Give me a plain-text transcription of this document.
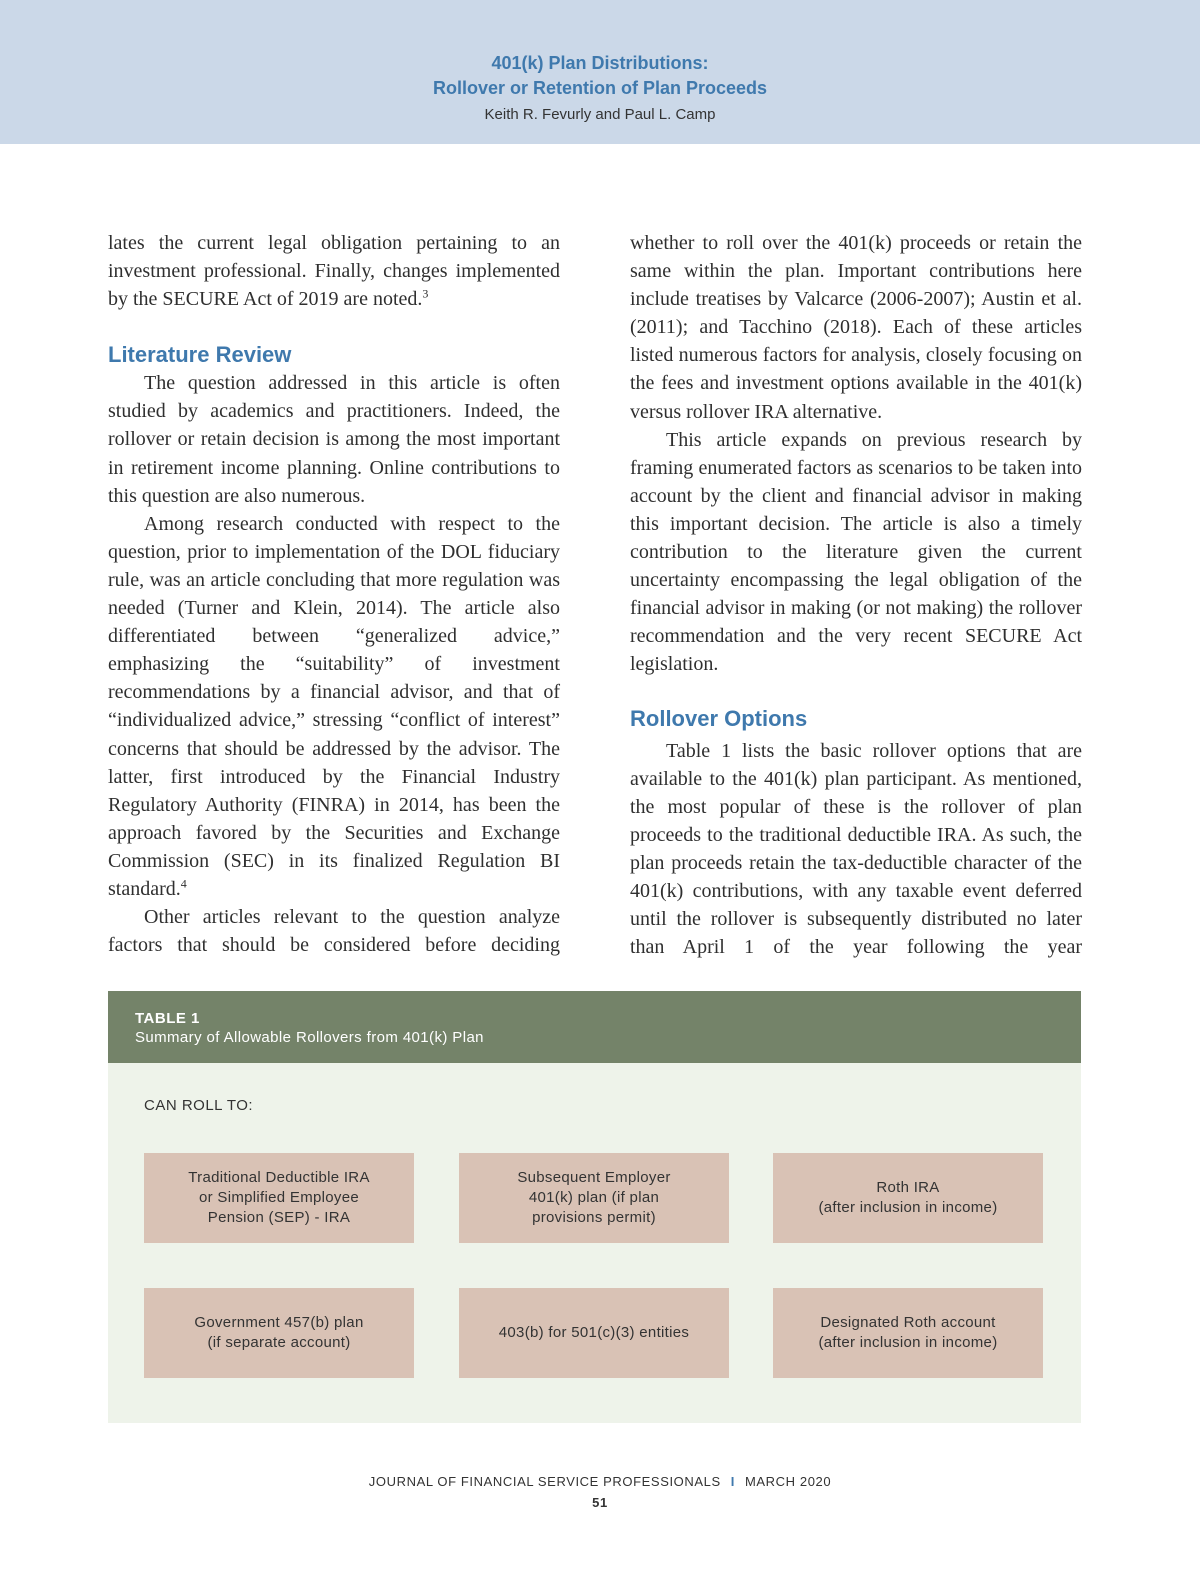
401(k) Plan Distributions:
Rollover or Retention of Plan Proceeds
Keith R. Fevurly and Paul L. Camp

lates the current legal obligation pertaining to an investment professional. Finally, changes implemented by the SECURE Act of 2019 are noted.$^3$

Literature Review

The question addressed in this article is often studied by academics and practitioners. Indeed, the rollover or retain decision is among the most important in retirement income planning. Online contributions to this question are also numerous.

Among research conducted with respect to the question, prior to implementation of the DOL fiduciary rule, was an article concluding that more regulation was needed (Turner and Klein, 2014). The article also differentiated between “generalized advice,” emphasizing the “suitability” of investment recommendations by a financial advisor, and that of “individualized advice,” stressing “conflict of interest” concerns that should be addressed by the advisor. The latter, first introduced by the Financial Industry Regulatory Authority (FINRA) in 2014, has been the approach favored by the Securities and Exchange Commission (SEC) in its finalized Regulation BI standard.$^4$

Other articles relevant to the question analyze factors that should be considered before deciding

whether to roll over the 401(k) proceeds or retain the same within the plan. Important contributions here include treatises by Valcarce (2006-2007); Austin et al. (2011); and Tacchino (2018). Each of these articles listed numerous factors for analysis, closely focusing on the fees and investment options available in the 401(k) versus rollover IRA alternative.

This article expands on previous research by framing enumerated factors as scenarios to be taken into account by the client and financial advisor in making this important decision. The article is also a timely contribution to the literature given the current uncertainty encompassing the legal obligation of the financial advisor in making (or not making) the rollover recommendation and the very recent SECURE Act legislation.

Rollover Options

Table 1 lists the basic rollover options that are available to the 401(k) plan participant. As mentioned, the most popular of these is the rollover of plan proceeds to the traditional deductible IRA. As such, the plan proceeds retain the tax-deductible character of the 401(k) contributions, with any taxable event deferred until the rollover is subsequently distributed no later than April 1 of the year following the year

TABLE 1
Summary of Allowable Rollovers from 401(k) Plan
CAN ROLL TO:
Traditional Deductible IRA
or Simplified Employee
Pension (SEP) - IRA
Subsequent Employer
401(k) plan (if plan
provisions permit)
Roth IRA
(after inclusion in income)
Government 457(b) plan
(if separate account)
403(b) for 501(c)(3) entities
Designated Roth account
(after inclusion in income)
JOURNAL OF FINANCIAL SERVICE PROFESSIONALS I MARCH 2020
51
